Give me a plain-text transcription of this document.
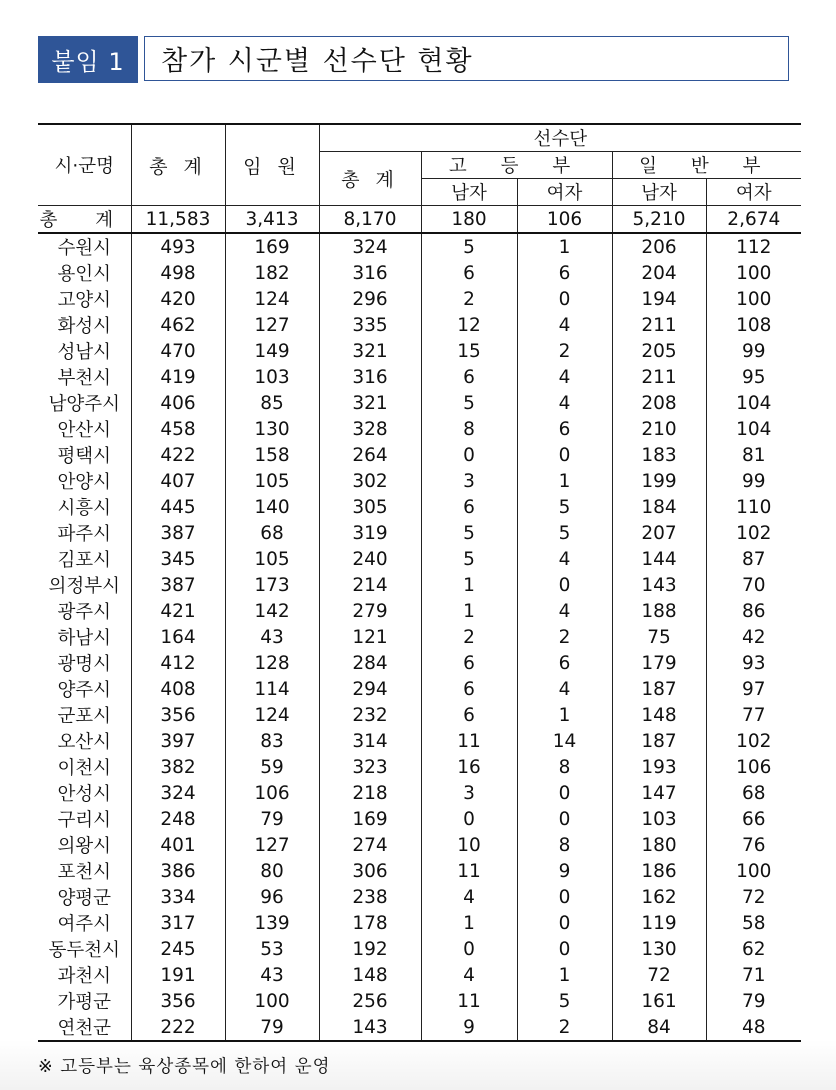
붙임 1	참가 시군별 선수단 현황
시·군명	총 계	임 원	선수단				
			총 계	고 등 부		일 반 부	
				남자	여자	남자	여자
총 계	11,583	3,413	8,170	180	106	5,210	2,674
수원시	493	169	324	5	1	206	112
용인시	498	182	316	6	6	204	100
고양시	420	124	296	2	0	194	100
화성시	462	127	335	12	4	211	108
성남시	470	149	321	15	2	205	99
부천시	419	103	316	6	4	211	95
남양주시	406	85	321	5	4	208	104
안산시	458	130	328	8	6	210	104
평택시	422	158	264	0	0	183	81
안양시	407	105	302	3	1	199	99
시흥시	445	140	305	6	5	184	110
파주시	387	68	319	5	5	207	102
김포시	345	105	240	5	4	144	87
의정부시	387	173	214	1	0	143	70
광주시	421	142	279	1	4	188	86
하남시	164	43	121	2	2	75	42
광명시	412	128	284	6	6	179	93
양주시	408	114	294	6	4	187	97
군포시	356	124	232	6	1	148	77
오산시	397	83	314	11	14	187	102
이천시	382	59	323	16	8	193	106
안성시	324	106	218	3	0	147	68
구리시	248	79	169	0	0	103	66
의왕시	401	127	274	10	8	180	76
포천시	386	80	306	11	9	186	100
양평군	334	96	238	4	0	162	72
여주시	317	139	178	1	0	119	58
동두천시	245	53	192	0	0	130	62
과천시	191	43	148	4	1	72	71
가평군	356	100	256	11	5	161	79
연천군	222	79	143	9	2	84	48
※ 고등부는 육상종목에 한하여 운영
